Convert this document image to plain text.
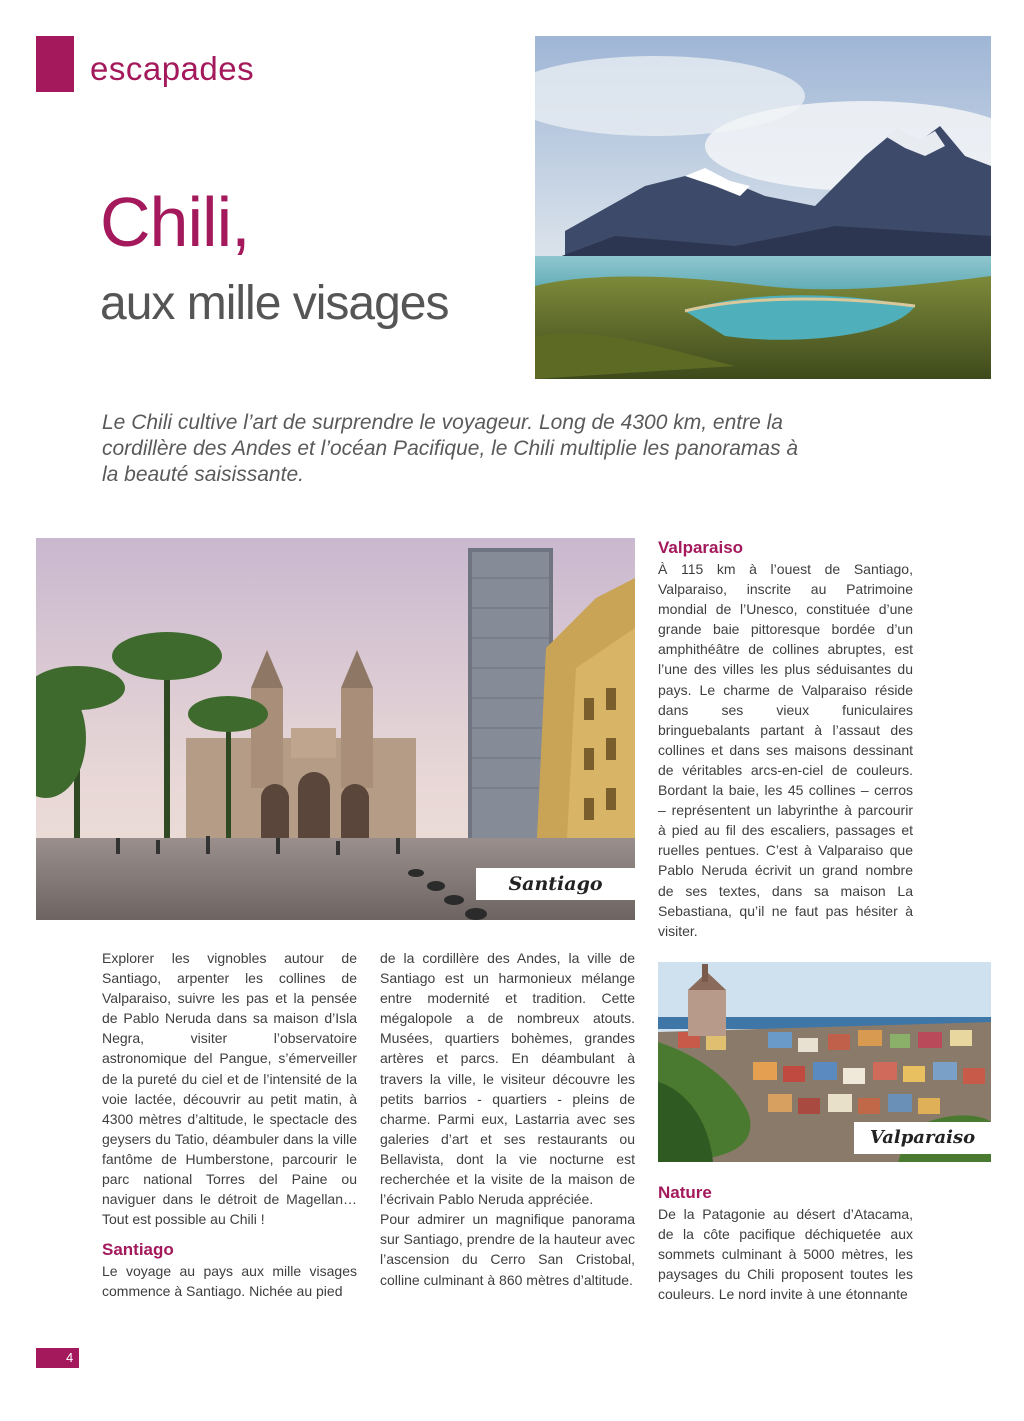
escapades
Chili,
aux mille visages
Le Chili cultive l’art de surprendre le voyageur. Long de 4300 km, entre la cordillère des Andes et l’océan Pacifique, le Chili multiplie les panoramas à la beauté saisissante.
Santiago

Explorer les vignobles autour de Santiago, arpenter les collines de Valparaiso, suivre les pas et la pensée de Pablo Neruda dans sa maison d’Isla Negra, visiter l’observatoire astronomique del Pangue, s’émerveiller de la pureté du ciel et de l’intensité de la voie lactée, découvrir au petit matin, à 4300 mètres d’altitude, le spectacle des geysers du Tatio, déambuler dans la ville fantôme de Humberstone, parcourir le parc national Torres del Paine ou naviguer dans le détroit de Magellan… Tout est possible au Chili !

Santiago

Le voyage au pays aux mille visages commence à Santiago. Nichée au pied

de la cordillère des Andes, la ville de Santiago est un harmonieux mélange entre modernité et tradition. Cette mégalopole a de nombreux atouts. Musées, quartiers bohèmes, grandes artères et parcs. En déambulant à travers la ville, le visiteur découvre les petits barrios - quartiers - pleins de charme. Parmi eux, Lastarria avec ses galeries d’art et ses restaurants ou Bellavista, dont la vie nocturne est recherchée et la visite de la maison de l’écrivain Pablo Neruda appréciée.

Pour admirer un magnifique panorama sur Santiago, prendre de la hauteur avec l’ascension du Cerro San Cristobal, colline culminant à 860 mètres d’altitude.

Valparaiso

À 115 km à l’ouest de Santiago, Valparaiso, inscrite au Patrimoine mondial de l’Unesco, constituée d’une grande baie pittoresque bordée d’un amphithéâtre de collines abruptes, est l’une des villes les plus séduisantes du pays. Le charme de Valparaiso réside dans ses vieux funiculaires bringuebalants partant à l’assaut des collines et dans ses maisons dessinant de véritables arcs-en-ciel de couleurs. Bordant la baie, les 45 collines – cerros – représentent un labyrinthe à parcourir à pied au fil des escaliers, passages et ruelles pentues. C’est à Valparaiso que Pablo Neruda écrivit un grand nombre de ses textes, dans sa maison La Sebastiana, qu’il ne faut pas hésiter à visiter.

Valparaiso
Nature

De la Patagonie au désert d’Atacama, de la côte pacifique déchiquetée aux sommets culminant à 5000 mètres, les paysages du Chili proposent toutes les couleurs. Le nord invite à une étonnante

4
